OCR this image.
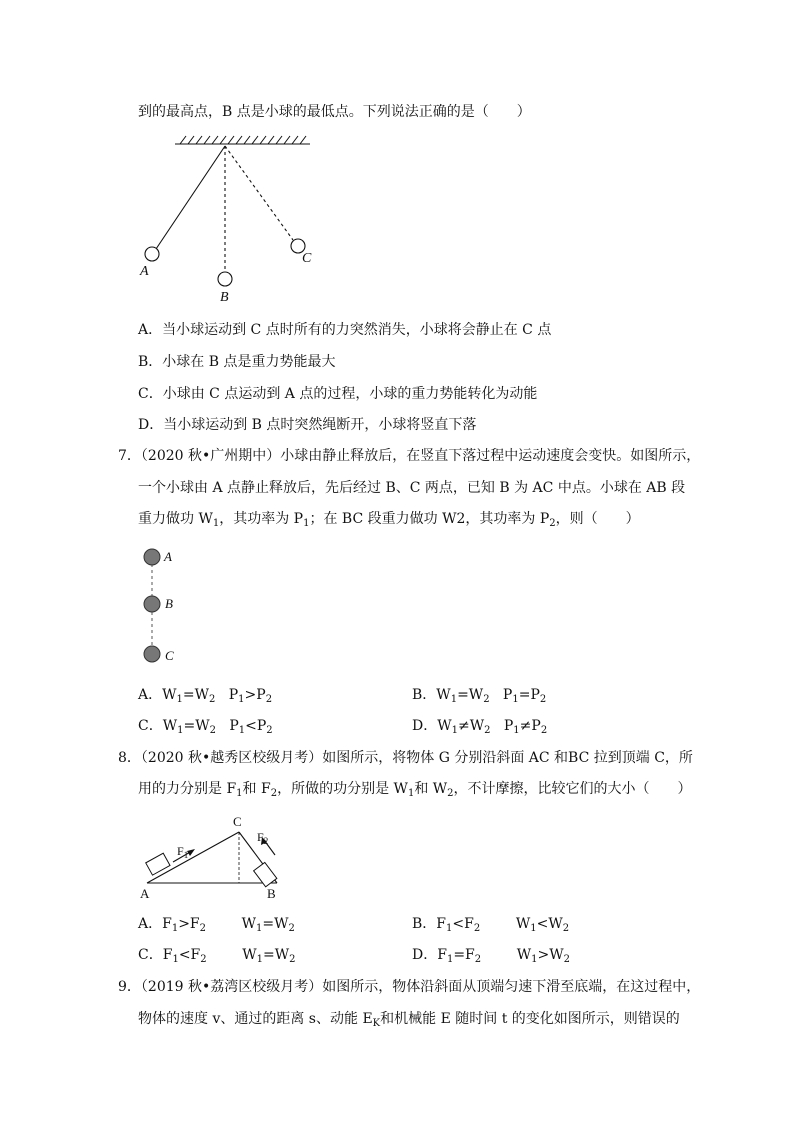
到的最高点，B 点是小球的最低点。下列说法正确的是（　　）
A
B
C
A．当小球运动到 C 点时所有的力突然消失，小球将会静止在 C 点
B．小球在 B 点是重力势能最大
C．小球由 C 点运动到 A 点的过程，小球的重力势能转化为动能
D．当小球运动到 B 点时突然绳断开，小球将竖直下落
7．（2020 秋•广州期中）小球由静止释放后，在竖直下落过程中运动速度会变快。如图所示，
一个小球由 A 点静止释放后，先后经过 B、C 两点，已知 B 为 AC 中点。小球在 AB 段
重力做功 $W_1$，其功率为 $P_1$；在 BC 段重力做功 W2，其功率为 $P_2$，则（　　）
A
B
C
A．$W_1=W_2$ $P_1>P_2$	B．$W_1=W_2$ $P_1=P_2$
C．$W_1=W_2$ $P_1<P_2$	D．$W_1\ne W_2$ $P_1\ne P_2$
8．（2020 秋•越秀区校级月考）如图所示，将物体 G 分别沿斜面 AC 和BC 拉到顶端 C，所
用的力分别是 $F_1$和 $F_2$，所做的功分别是 $W_1$和 $W_2$，不计摩擦，比较它们的大小（　　）
A	B
C
$F_1$
$F_2$
A．$F_1>F_2$	$W_1=W_2$	B．$F_1<F_2$	$W_1<W_2$
C．$F_1<F_2$	$W_1=W_2$	D．$F_1=F_2$	$W_1>W_2$
9．（2019 秋•荔湾区校级月考）如图所示，物体沿斜面从顶端匀速下滑至底端，在这过程中，
物体的速度 v、通过的距离 s、动能 $E_K$和机械能 E 随时间 t 的变化如图所示，则错误的
